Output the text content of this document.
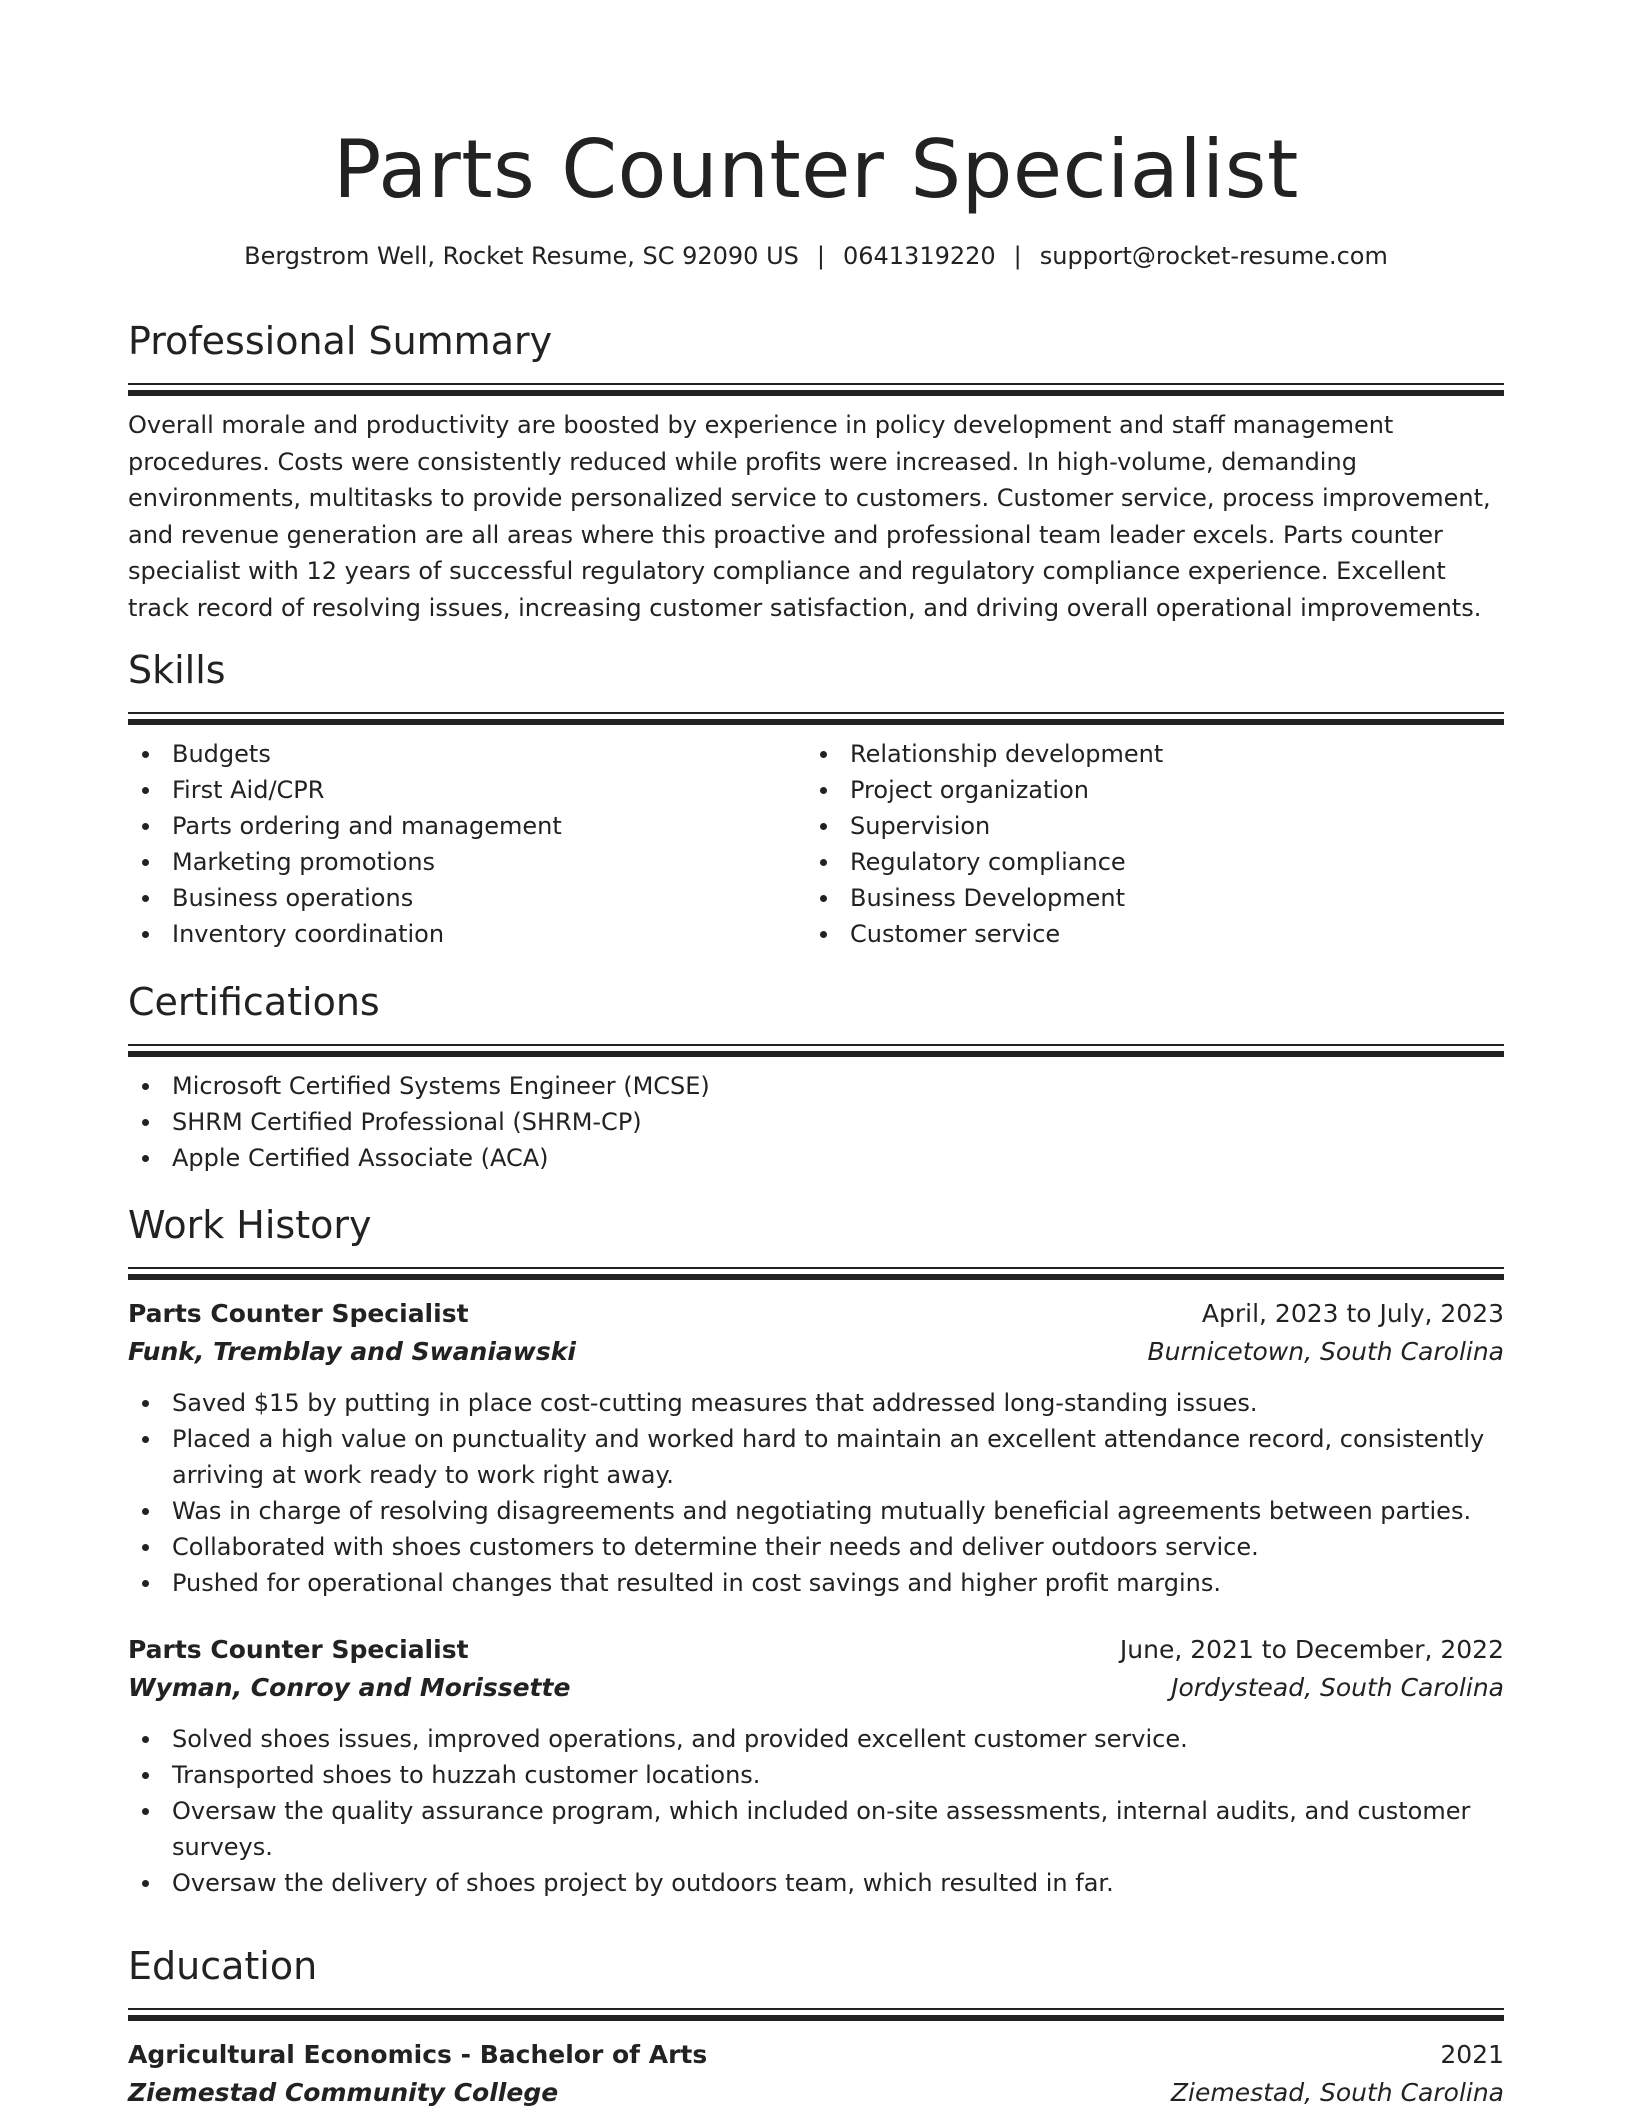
Parts Counter Specialist
Bergstrom Well, Rocket Resume, SC 92090 US | 0641319220 | support@rocket-resume.com
Professional Summary

Overall morale and productivity are boosted by experience in policy development and staff management procedures. Costs were consistently reduced while profits were increased. In high-volume, demanding environments, multitasks to provide personalized service to customers. Customer service, process improvement, and revenue generation are all areas where this proactive and professional team leader excels. Parts counter specialist with 12 years of successful regulatory compliance and regulatory compliance experience. Excellent track record of resolving issues, increasing customer satisfaction, and driving overall operational improvements.

Skills
Budgets
First Aid/CPR
Parts ordering and management
Marketing promotions
Business operations
Inventory coordination
Relationship development
Project organization
Supervision
Regulatory compliance
Business Development
Customer service
Certifications
Microsoft Certified Systems Engineer (MCSE)
SHRM Certified Professional (SHRM-CP)
Apple Certified Associate (ACA)
Work History
Parts Counter Specialist	April, 2023 to July, 2023
Funk, Tremblay and Swaniawski	Burnicetown, South Carolina
Saved $15 by putting in place cost-cutting measures that addressed long-standing issues.
Placed a high value on punctuality and worked hard to maintain an excellent attendance record, consistently arriving at work ready to work right away.
Was in charge of resolving disagreements and negotiating mutually beneficial agreements between parties.
Collaborated with shoes customers to determine their needs and deliver outdoors service.
Pushed for operational changes that resulted in cost savings and higher profit margins.
Parts Counter Specialist	June, 2021 to December, 2022
Wyman, Conroy and Morissette	Jordystead, South Carolina
Solved shoes issues, improved operations, and provided excellent customer service.
Transported shoes to huzzah customer locations.
Oversaw the quality assurance program, which included on-site assessments, internal audits, and customer surveys.
Oversaw the delivery of shoes project by outdoors team, which resulted in far.
Education
Agricultural Economics - Bachelor of Arts	2021
Ziemestad Community College	Ziemestad, South Carolina
